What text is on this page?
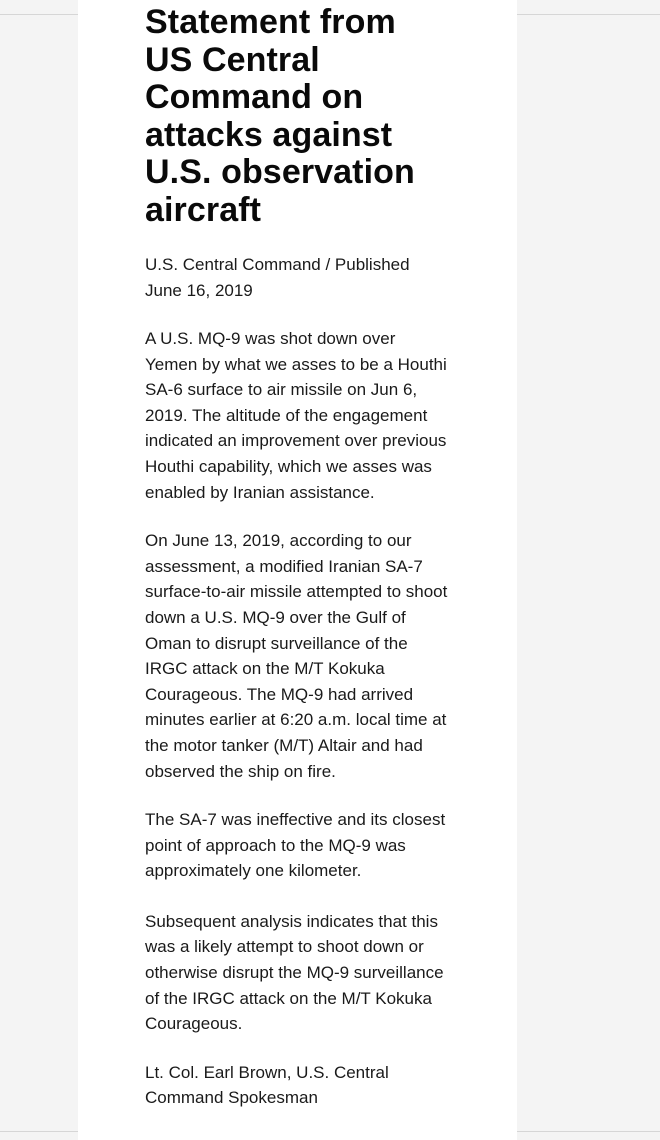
Statement from US Central Command on attacks against U.S. observation aircraft

U.S. Central Command / Published June 16, 2019

A U.S. MQ-9 was shot down over Yemen by what we asses to be a Houthi SA-6 surface to air missile on Jun 6, 2019. The altitude of the engagement indicated an improvement over previous Houthi capability, which we asses was enabled by Iranian assistance.

On June 13, 2019, according to our assessment, a modified Iranian SA-7 surface-to-air missile attempted to shoot down a U.S. MQ-9 over the Gulf of Oman to disrupt surveillance of the IRGC attack on the M/T Kokuka Courageous. The MQ-9 had arrived minutes earlier at 6:20 a.m. local time at the motor tanker (M/T) Altair and had observed the ship on fire.

The SA-7 was ineffective and its closest point of approach to the MQ-9 was approximately one kilometer.

Subsequent analysis indicates that this was a likely attempt to shoot down or otherwise disrupt the MQ-9 surveillance of the IRGC attack on the M/T Kokuka Courageous.

Lt. Col. Earl Brown, U.S. Central Command Spokesman
